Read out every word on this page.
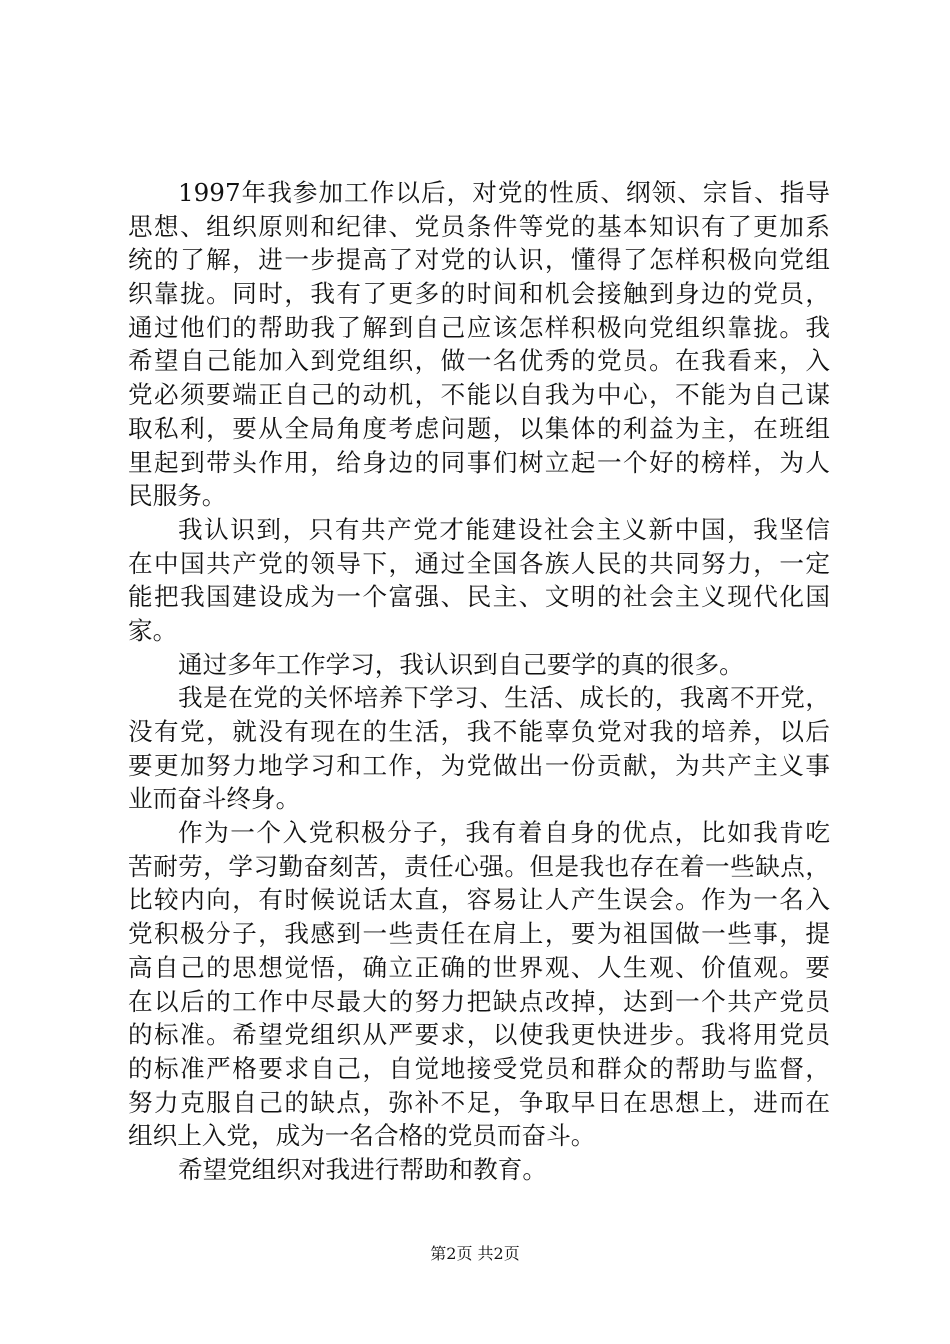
1997年我参加工作以后，对党的性质、纲领、宗旨、指导
思想、组织原则和纪律、党员条件等党的基本知识有了更加系
统的了解，进一步提高了对党的认识，懂得了怎样积极向党组
织靠拢。同时，我有了更多的时间和机会接触到身边的党员，
通过他们的帮助我了解到自己应该怎样积极向党组织靠拢。我
希望自己能加入到党组织，做一名优秀的党员。在我看来，入
党必须要端正自己的动机，不能以自我为中心，不能为自己谋
取私利，要从全局角度考虑问题，以集体的利益为主，在班组
里起到带头作用，给身边的同事们树立起一个好的榜样，为人
民服务。
我认识到，只有共产党才能建设社会主义新中国，我坚信
在中国共产党的领导下，通过全国各族人民的共同努力，一定
能把我国建设成为一个富强、民主、文明的社会主义现代化国
家。
通过多年工作学习，我认识到自己要学的真的很多。
我是在党的关怀培养下学习、生活、成长的，我离不开党，
没有党，就没有现在的生活，我不能辜负党对我的培养，以后
要更加努力地学习和工作，为党做出一份贡献，为共产主义事
业而奋斗终身。
作为一个入党积极分子，我有着自身的优点，比如我肯吃
苦耐劳，学习勤奋刻苦，责任心强。但是我也存在着一些缺点，
比较内向，有时候说话太直，容易让人产生误会。作为一名入
党积极分子，我感到一些责任在肩上，要为祖国做一些事，提
高自己的思想觉悟，确立正确的世界观、人生观、价值观。要
在以后的工作中尽最大的努力把缺点改掉，达到一个共产党员
的标准。希望党组织从严要求，以使我更快进步。我将用党员
的标准严格要求自己，自觉地接受党员和群众的帮助与监督，
努力克服自己的缺点，弥补不足，争取早日在思想上，进而在
组织上入党，成为一名合格的党员而奋斗。
希望党组织对我进行帮助和教育。
第2页 共2页
